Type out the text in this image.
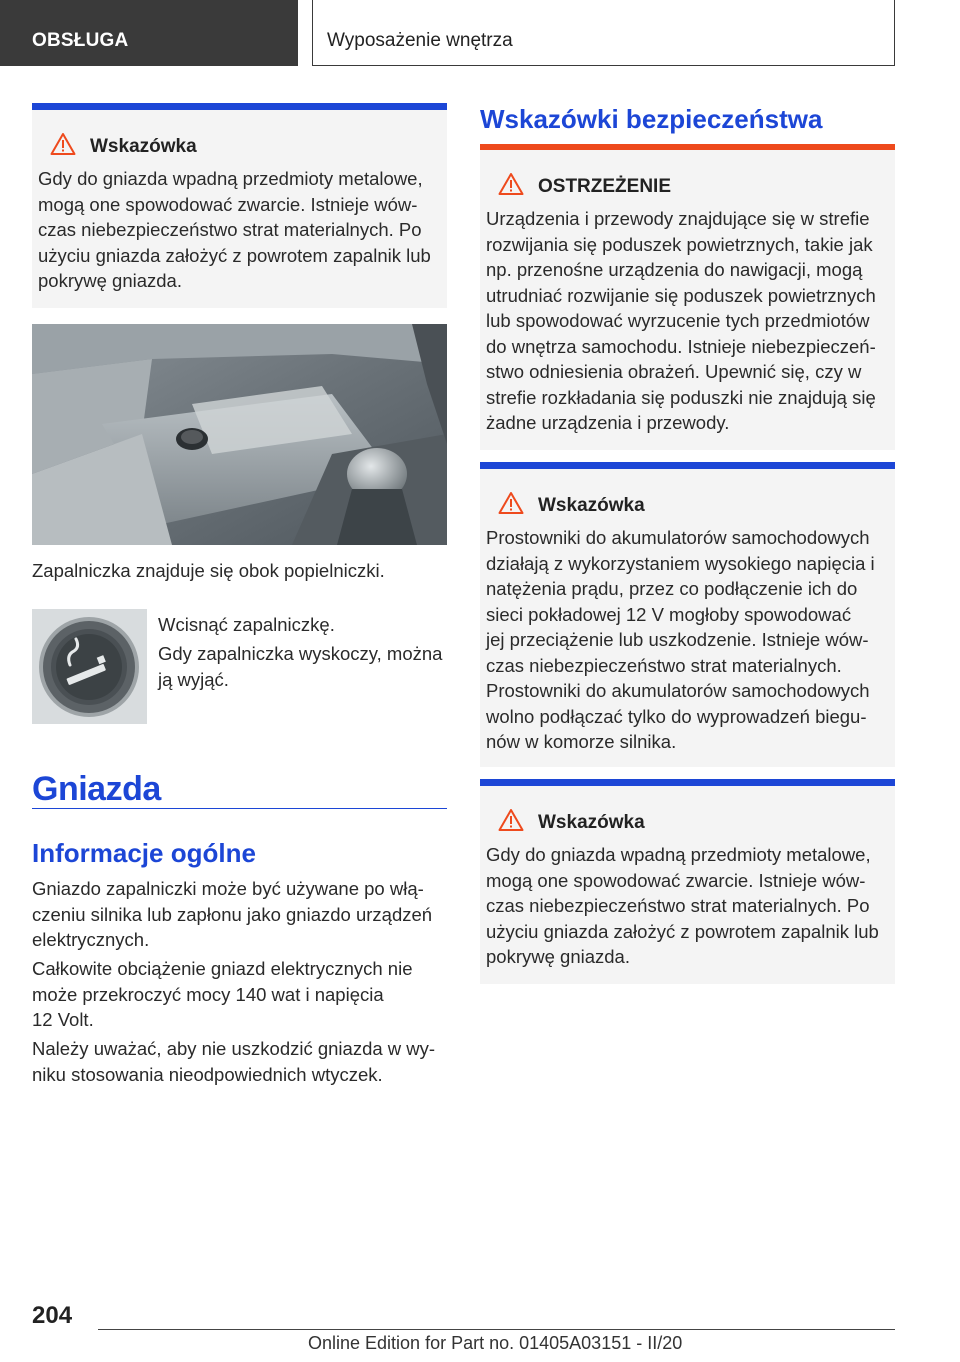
OBSŁUGA	Wyposażenie wnętrza
Wskazówka
Gdy do gniazda wpadną przedmioty metalowe,
mogą one spowodować zwarcie. Istnieje wów-
czas niebezpieczeństwo strat materialnych. Po
użyciu gniazda założyć z powrotem zapalnik lub
pokrywę gniazda.
Zapalniczka znajduje się obok popielniczki.
Wcisnąć zapalniczkę.
Gdy zapalniczka wyskoczy, można
ją wyjąć.
Gniazda
Informacje ogólne
Gniazdo zapalniczki może być używane po włą-
czeniu silnika lub zapłonu jako gniazdo urządzeń
elektrycznych.
Całkowite obciążenie gniazd elektrycznych nie
może przekroczyć mocy 140 wat i napięcia
12 Volt.
Należy uważać, aby nie uszkodzić gniazda w wy-
niku stosowania nieodpowiednich wtyczek.
Wskazówki bezpieczeństwa
OSTRZEŻENIE
Urządzenia i przewody znajdujące się w strefie
rozwijania się poduszek powietrznych, takie jak
np. przenośne urządzenia do nawigacji, mogą
utrudniać rozwijanie się poduszek powietrznych
lub spowodować wyrzucenie tych przedmiotów
do wnętrza samochodu. Istnieje niebezpieczeń-
stwo odniesienia obrażeń. Upewnić się, czy w
strefie rozkładania się poduszki nie znajdują się
żadne urządzenia i przewody.
Wskazówka
Prostowniki do akumulatorów samochodowych
działają z wykorzystaniem wysokiego napięcia i
natężenia prądu, przez co podłączenie ich do
sieci pokładowej 12 V mogłoby spowodować
jej przeciążenie lub uszkodzenie. Istnieje wów-
czas niebezpieczeństwo strat materialnych.
Prostowniki do akumulatorów samochodowych
wolno podłączać tylko do wyprowadzeń biegu-
nów w komorze silnika.
Wskazówka
Gdy do gniazda wpadną przedmioty metalowe,
mogą one spowodować zwarcie. Istnieje wów-
czas niebezpieczeństwo strat materialnych. Po
użyciu gniazda założyć z powrotem zapalnik lub
pokrywę gniazda.
204
Online Edition for Part no. 01405A03151 - II/20
